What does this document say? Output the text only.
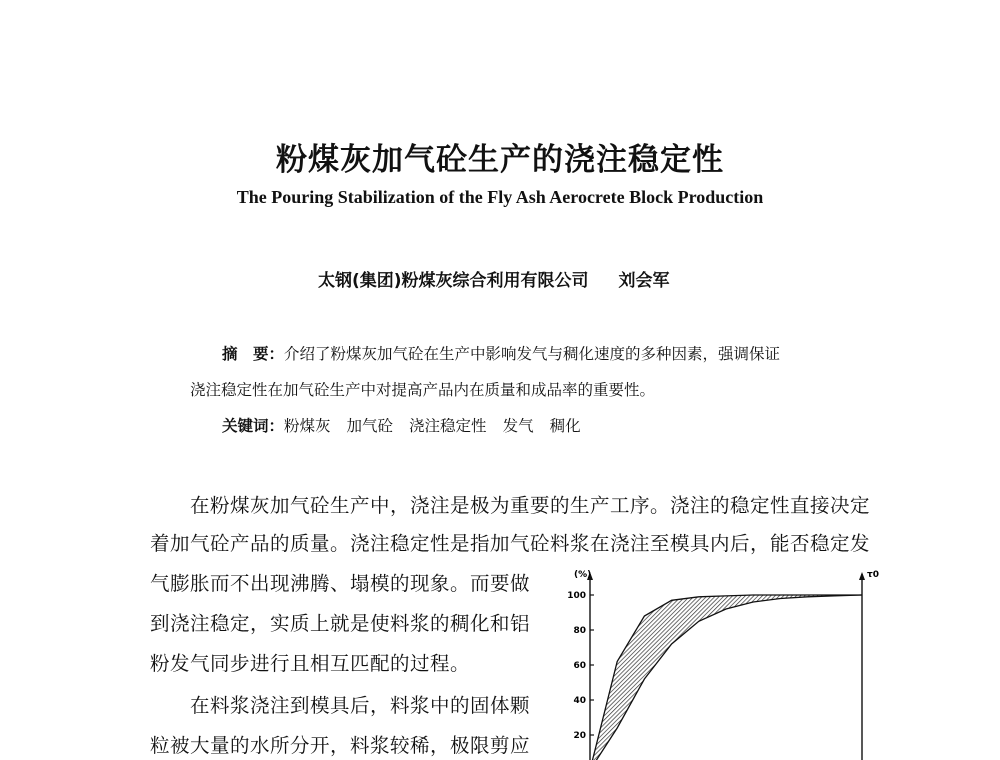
粉煤灰加气砼生产的浇注稳定性
The Pouring Stabilization of the Fly Ash Aerocrete Block Production
太钢(集团)粉煤灰综合利用有限公司 刘会军
摘　要：介绍了粉煤灰加气砼在生产中影响发气与稠化速度的多种因素，强调保证
浇注稳定性在加气砼生产中对提高产品内在质量和成品率的重要性。
关键词：粉煤灰 加气砼 浇注稳定性 发气 稠化
在粉煤灰加气砼生产中，浇注是极为重要的生产工序。浇注的稳定性直接决定
着加气砼产品的质量。浇注稳定性是指加气砼料浆在浇注至模具内后，能否稳定发
气膨胀而不出现沸腾、塌模的现象。而要做
到浇注稳定，实质上就是使料浆的稠化和铝
粉发气同步进行且相互匹配的过程。
在料浆浇注到模具后，料浆中的固体颗
粒被大量的水所分开，料浆较稀，极限剪应	20
40
60
80
100
(%)	τ0
